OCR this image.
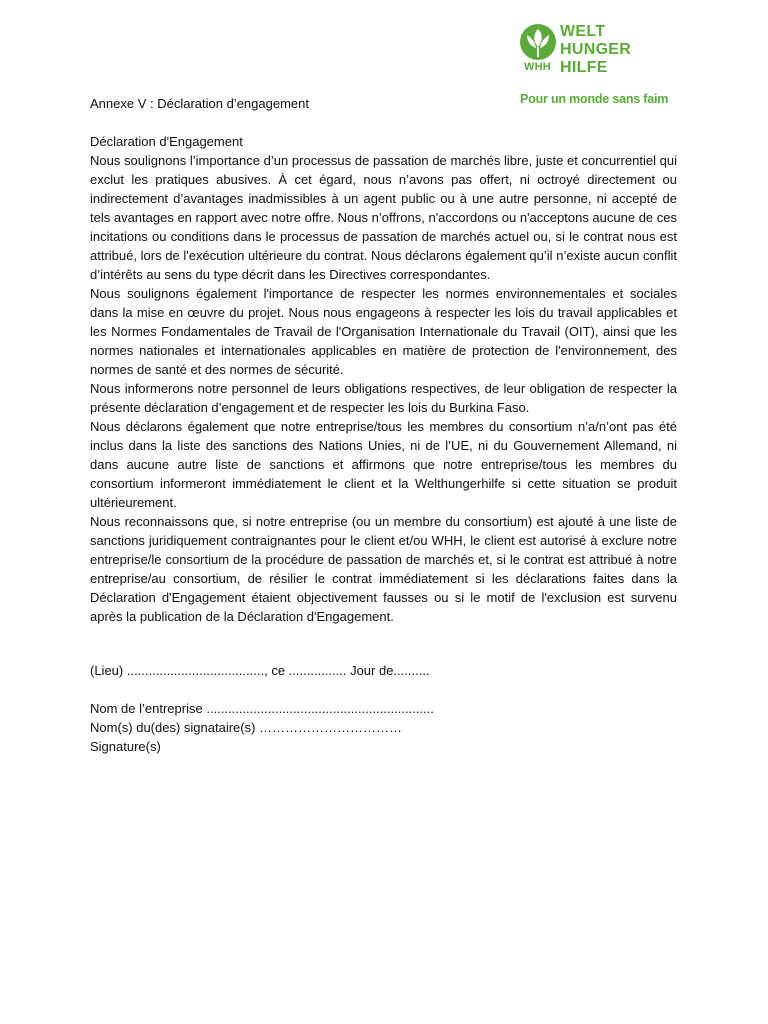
WHH
WELT
HUNGER
HILFE
Pour un monde sans faim
Annexe V : Déclaration d’engagement

Déclaration d'Engagement

Nous soulignons l’importance d’un processus de passation de marchés libre, juste et concurrentiel qui exclut les pratiques abusives. À cet égard, nous n’avons pas offert, ni octroyé directement ou indirectement d’avantages inadmissibles à un agent public ou à une autre personne, ni accepté de tels avantages en rapport avec notre offre. Nous n’offrons, n'accordons ou n'acceptons aucune de ces incitations ou conditions dans le processus de passation de marchés actuel ou, si le contrat nous est attribué, lors de l'exécution ultérieure du contrat. Nous déclarons également qu’il n’existe aucun conflit d’intérêts au sens du type décrit dans les Directives correspondantes.

Nous soulignons également l'importance de respecter les normes environnementales et sociales dans la mise en œuvre du projet. Nous nous engageons à respecter les lois du travail applicables et les Normes Fondamentales de Travail de l'Organisation Internationale du Travail (OIT), ainsi que les normes nationales et internationales applicables en matière de protection de l'environnement, des normes de santé et des normes de sécurité.

Nous informerons notre personnel de leurs obligations respectives, de leur obligation de respecter la présente déclaration d’engagement et de respecter les lois du Burkina Faso.

Nous déclarons également que notre entreprise/tous les membres du consortium n’a/n’ont pas été inclus dans la liste des sanctions des Nations Unies, ni de l’UE, ni du Gouvernement Allemand, ni dans aucune autre liste de sanctions et affirmons que notre entreprise/tous les membres du consortium informeront immédiatement le client et la Welthungerhilfe si cette situation se produit ultérieurement.

Nous reconnaissons que, si notre entreprise (ou un membre du consortium) est ajouté à une liste de sanctions juridiquement contraignantes pour le client et/ou WHH, le client est autorisé à exclure notre entreprise/le consortium de la procédure de passation de marchés et, si le contrat est attribué à notre entreprise/au consortium, de résilier le contrat immédiatement si les déclarations faites dans la Déclaration d'Engagement étaient objectivement fausses ou si le motif de l'exclusion est survenu après la publication de la Déclaration d'Engagement.

(Lieu) ......................................, ce ................ Jour de..........

Nom de l’entreprise ...............................................................

Nom(s) du(des) signataire(s) ……………………………

Signature(s)
